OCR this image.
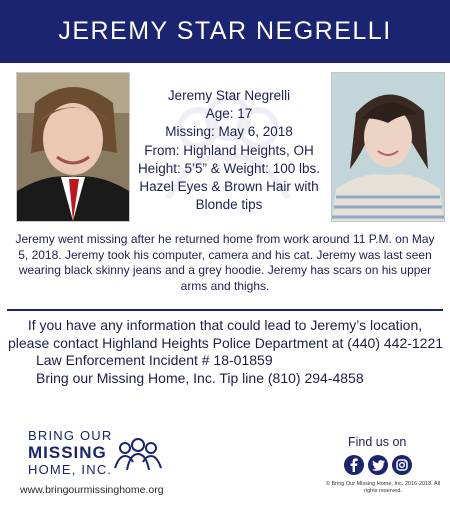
JEREMY STAR NEGRELLI
Jeremy Star Negrelli
Age: 17
Missing: May 6, 2018
From: Highland Heights, OH
Height: 5’5” & Weight: 100 lbs.
Hazel Eyes & Brown Hair with Blonde tips
Jeremy went missing after he returned home from work around 11 P.M. on May 5, 2018. Jeremy took his computer, camera and his cat. Jeremy was last seen wearing black skinny jeans and a grey hoodie. Jeremy has scars on his upper arms and thighs.
If you have any information that could lead to Jeremy’s location,
please contact Highland Heights Police Department at (440) 442-1221
Law Enforcement Incident # 18-01859
Bring our Missing Home, Inc. Tip line (810) 294-4858
BRING OUR
MISSING
HOME, INC.
www.bringourmissinghome.org
Find us on
© Bring Our Missing Home, Inc. 2016-2018. All rights reserved.
